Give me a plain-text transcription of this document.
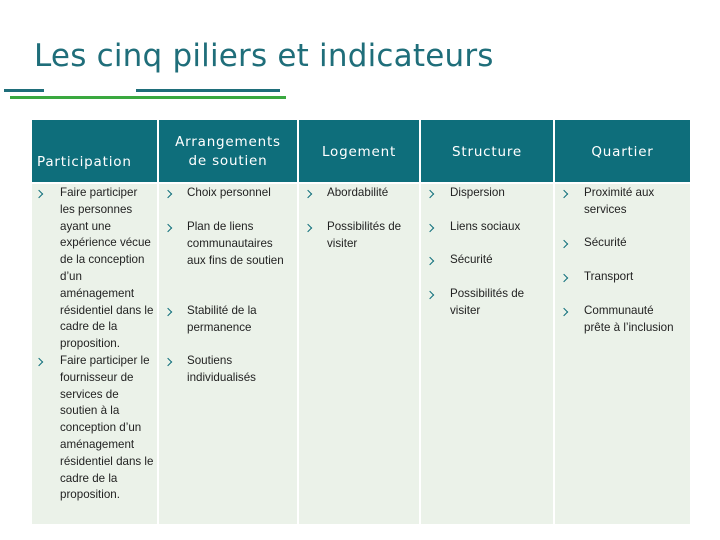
Les cinq piliers et indicateurs
Participation
Faire participer les personnes ayant une expérience vécue de la conception d’un aménagement résidentiel dans le cadre de la proposition.
Faire participer le fournisseur de services de soutien à la conception d’un aménagement résidentiel dans le cadre de la proposition.
Arrangements de soutien
Choix personnel
Plan de liens communautaires aux fins de soutien
Stabilité de la permanence
Soutiens individualisés
Logement
Abordabilité
Possibilités de visiter
Structure
Dispersion
Liens sociaux
Sécurité
Possibilités de visiter
Quartier
Proximité aux services
Sécurité
Transport
Communauté prête à l’inclusion
